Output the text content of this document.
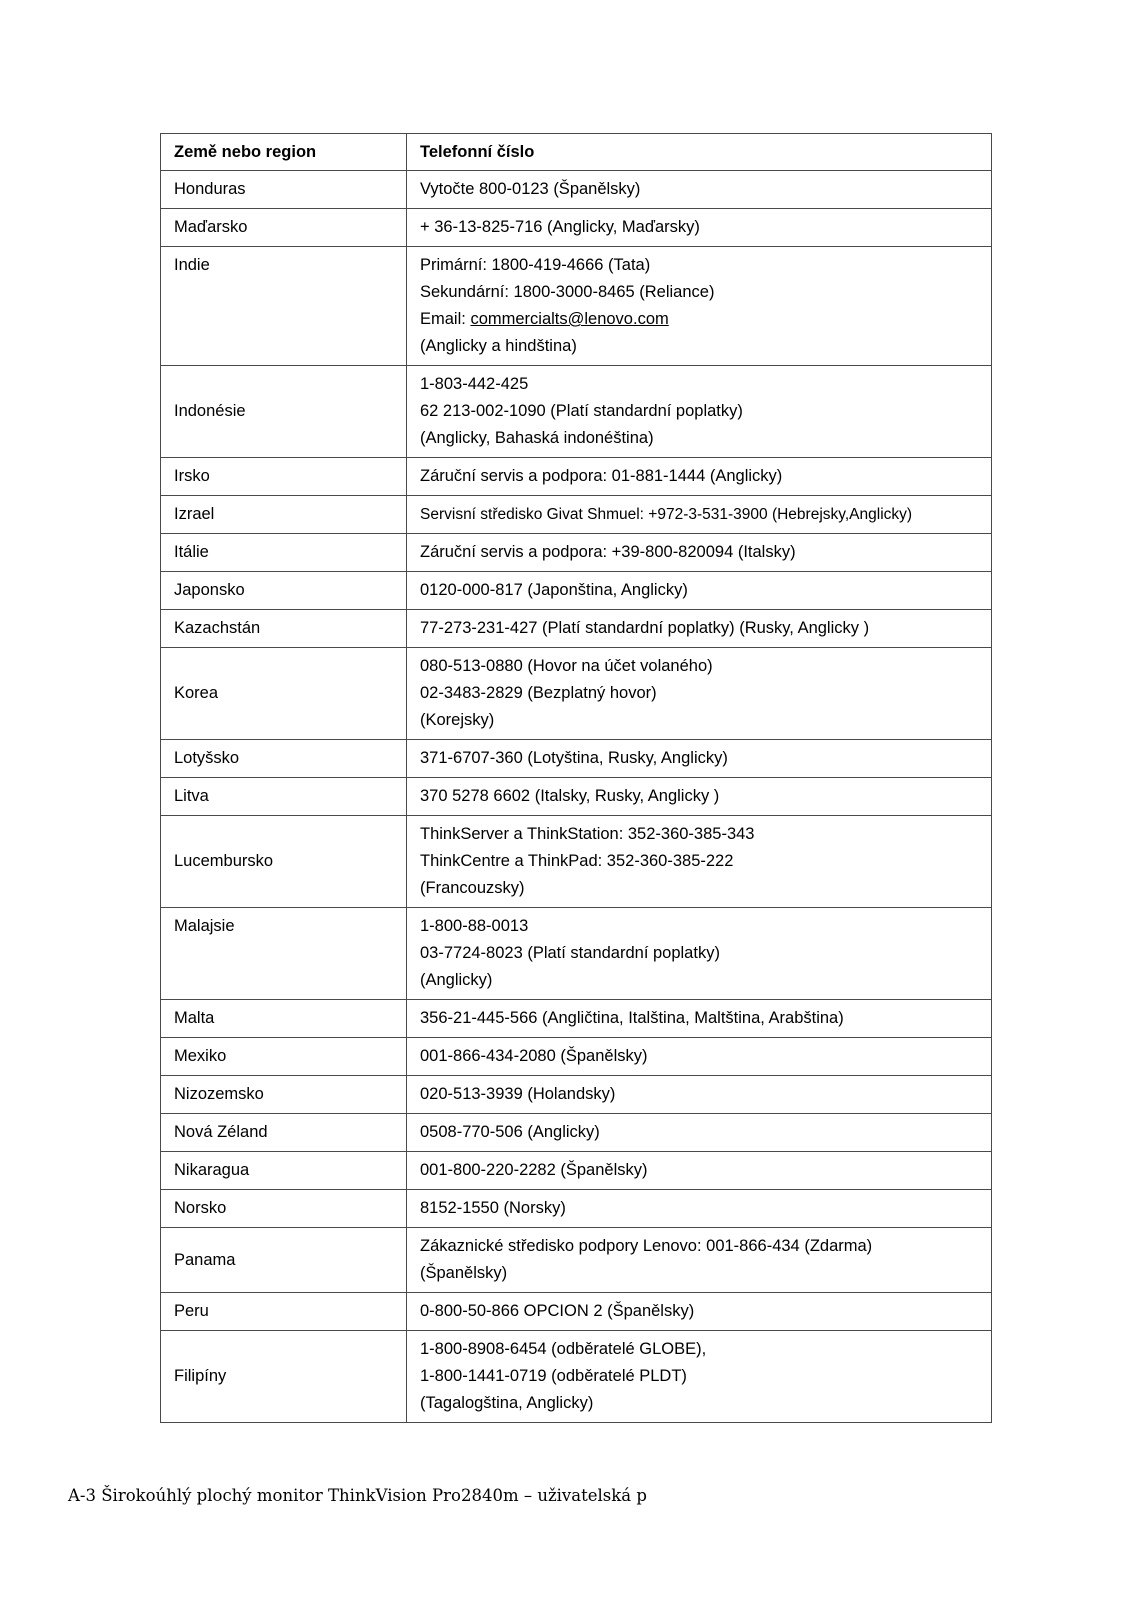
Země nebo region	Telefonní číslo
Honduras	Vytočte 800-0123 (Španělsky)

Maďarsko	+ 36-13-825-716 (Anglicky, Maďarsky)

Indie	Primární: 1800-419-4666 (Tata)
Sekundární: 1800-3000-8465 (Reliance)
Email: commercialts@lenovo.com
(Anglicky a hindština)

Indonésie	1-803-442-425
62 213-002-1090 (Platí standardní poplatky)
(Anglicky, Bahaská indonéština)

Irsko	Záruční servis a podpora: 01-881-1444 (Anglicky)

Izrael	Servisní středisko Givat Shmuel: +972-3-531-3900 (Hebrejsky,Anglicky)

Itálie	Záruční servis a podpora: +39-800-820094 (Italsky)

Japonsko	0120-000-817 (Japonština, Anglicky)

Kazachstán	77-273-231-427 (Platí standardní poplatky) (Rusky, Anglicky )

Korea	080-513-0880 (Hovor na účet volaného)
02-3483-2829 (Bezplatný hovor)
(Korejsky)

Lotyšsko	371-6707-360 (Lotyština, Rusky, Anglicky)

Litva	370 5278 6602 (Italsky, Rusky, Anglicky )

Lucembursko	ThinkServer a ThinkStation: 352-360-385-343
ThinkCentre a ThinkPad: 352-360-385-222
(Francouzsky)

Malajsie	1-800-88-0013
03-7724-8023 (Platí standardní poplatky)
(Anglicky)

Malta	356-21-445-566 (Angličtina, Italština, Maltština, Arabština)

Mexiko	001-866-434-2080 (Španělsky)

Nizozemsko	020-513-3939 (Holandsky)

Nová Zéland	0508-770-506 (Anglicky)

Nikaragua	001-800-220-2282 (Španělsky)

Norsko	8152-1550 (Norsky)

Panama	Zákaznické středisko podpory Lenovo: 001-866-434 (Zdarma)
(Španělsky)

Peru	0-800-50-866 OPCION 2 (Španělsky)

Filipíny	1-800-8908-6454 (odběratelé GLOBE),
1-800-1441-0719 (odběratelé PLDT)
(Tagalogština, Anglicky)
A-3 Širokoúhlý plochý monitor ThinkVision Pro2840m – uživatelská p
